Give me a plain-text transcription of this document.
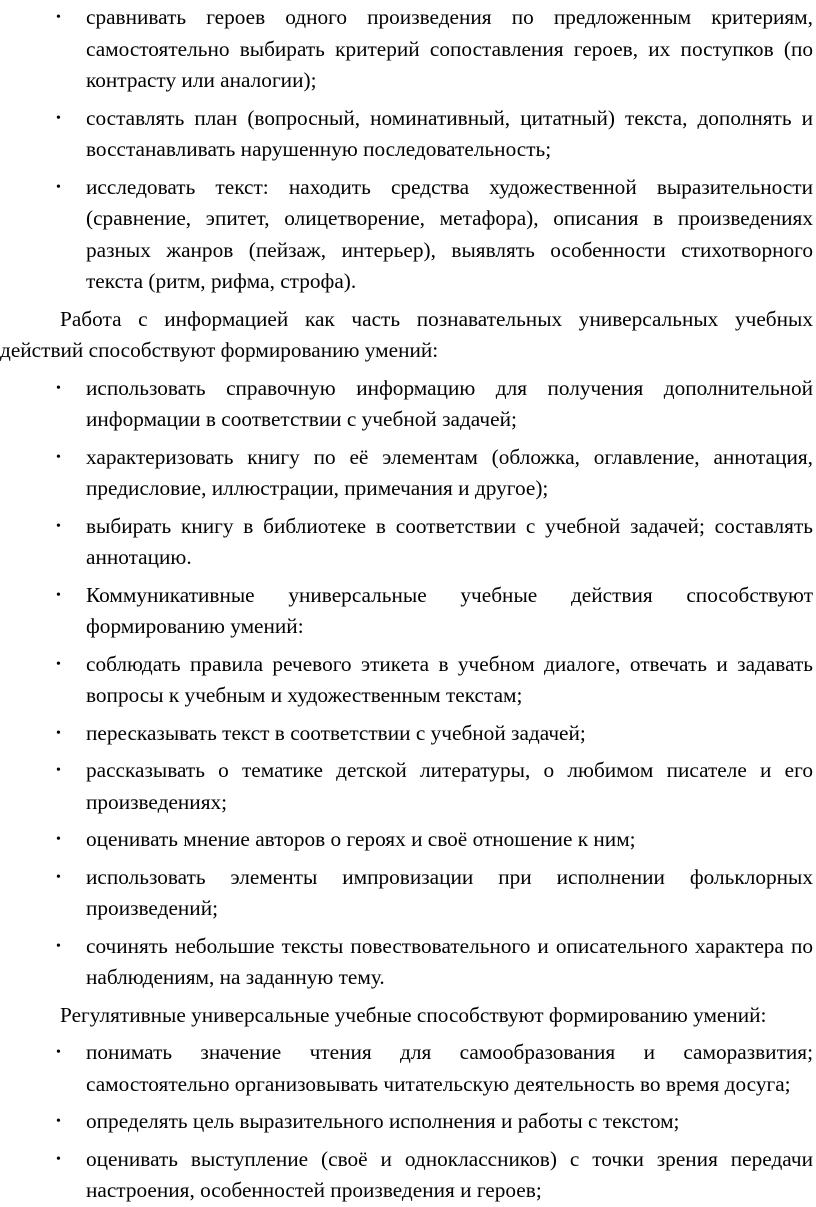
• сравнивать героев одного произведения по предложенным критериям, самостоятельно выбирать критерий сопоставления героев, их поступков (по контрасту или аналогии);
• составлять план (вопросный, номинативный, цитатный) текста, дополнять и восстанавливать нарушенную последовательность;
• исследовать текст: находить средства художественной выразительности (сравнение, эпитет, олицетворение, метафора), описания в произведениях разных жанров (пейзаж, интерьер), выявлять особенности стихотворного текста (ритм, рифма, строфа).

Работа с информацией как часть познавательных универсальных учебных действий способствуют формированию умений:

• использовать справочную информацию для получения дополнительной информации в соответствии с учебной задачей;
• характеризовать книгу по её элементам (обложка, оглавление, аннотация, предисловие, иллюстрации, примечания и другое);
• выбирать книгу в библиотеке в соответствии с учебной задачей; составлять аннотацию.
• Коммуникативные универсальные учебные действия способствуют формированию умений:
• соблюдать правила речевого этикета в учебном диалоге, отвечать и задавать вопросы к учебным и художественным текстам;
• пересказывать текст в соответствии с учебной задачей;
• рассказывать о тематике детской литературы, о любимом писателе и его произведениях;
• оценивать мнение авторов о героях и своё отношение к ним;
• использовать элементы импровизации при исполнении фольклорных произведений;
• сочинять небольшие тексты повествовательного и описательного характера по наблюдениям, на заданную тему.

Регулятивные универсальные учебные способствуют формированию умений:

• понимать значение чтения для самообразования и саморазвития; самостоятельно организовывать читательскую деятельность во время досуга;
• определять цель выразительного исполнения и работы с текстом;
• оценивать выступление (своё и одноклассников) с точки зрения передачи настроения, особенностей произведения и героев;
